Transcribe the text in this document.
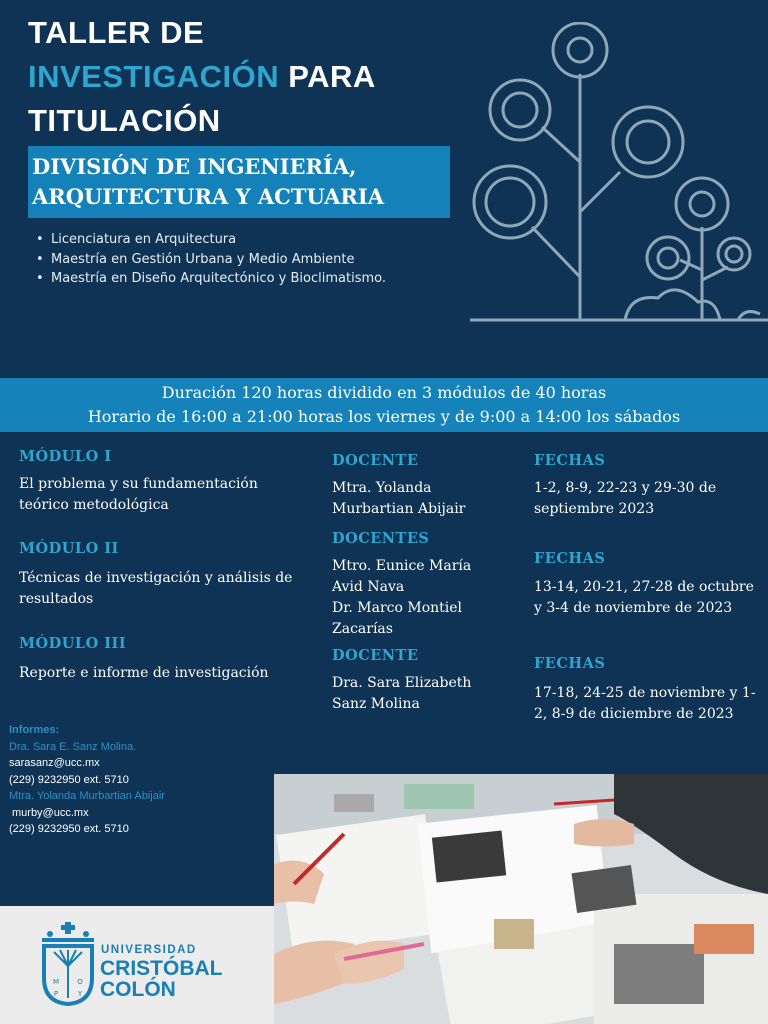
TALLER DE
INVESTIGACIÓN PARA
TITULACIÓN
DIVISIÓN DE INGENIERÍA,
ARQUITECTURA Y ACTUARIA
• Licenciatura en Arquitectura
• Maestría en Gestión Urbana y Medio Ambiente
• Maestría en Diseño Arquitectónico y Bioclimatismo.
Duración 120 horas dividido en 3 módulos de 40 horas
Horario de 16:00 a 21:00 horas los viernes y de 9:00 a 14:00 los sábados
MÓDULO I
El problema y su fundamentación teórico metodológica
MÓDULO II
Técnicas de investigación y análisis de resultados
MÓDULO III
Reporte e informe de investigación
DOCENTE
Mtra. Yolanda Murbartian Abijair
DOCENTES
Mtro. Eunice María Avid Nava
Dr. Marco Montiel Zacarías
DOCENTE
Dra. Sara Elizabeth Sanz Molina
FECHAS
1-2, 8-9, 22-23 y 29-30 de septiembre 2023
FECHAS
13-14, 20-21, 27-28 de octubre y 3-4 de noviembre de 2023
FECHAS
17-18, 24-25 de noviembre y 1-2, 8-9 de diciembre de 2023
Informes:
Dra. Sara E. Sanz Molina.
sarasanz@ucc.mx
(229) 9232950 ext. 5710
Mtra. Yolanda Murbartian Abijair
murby@ucc.mx
(229) 9232950 ext. 5710
M	O
P	Y
UNIVERSIDAD
CRISTÓBAL
COLÓN
